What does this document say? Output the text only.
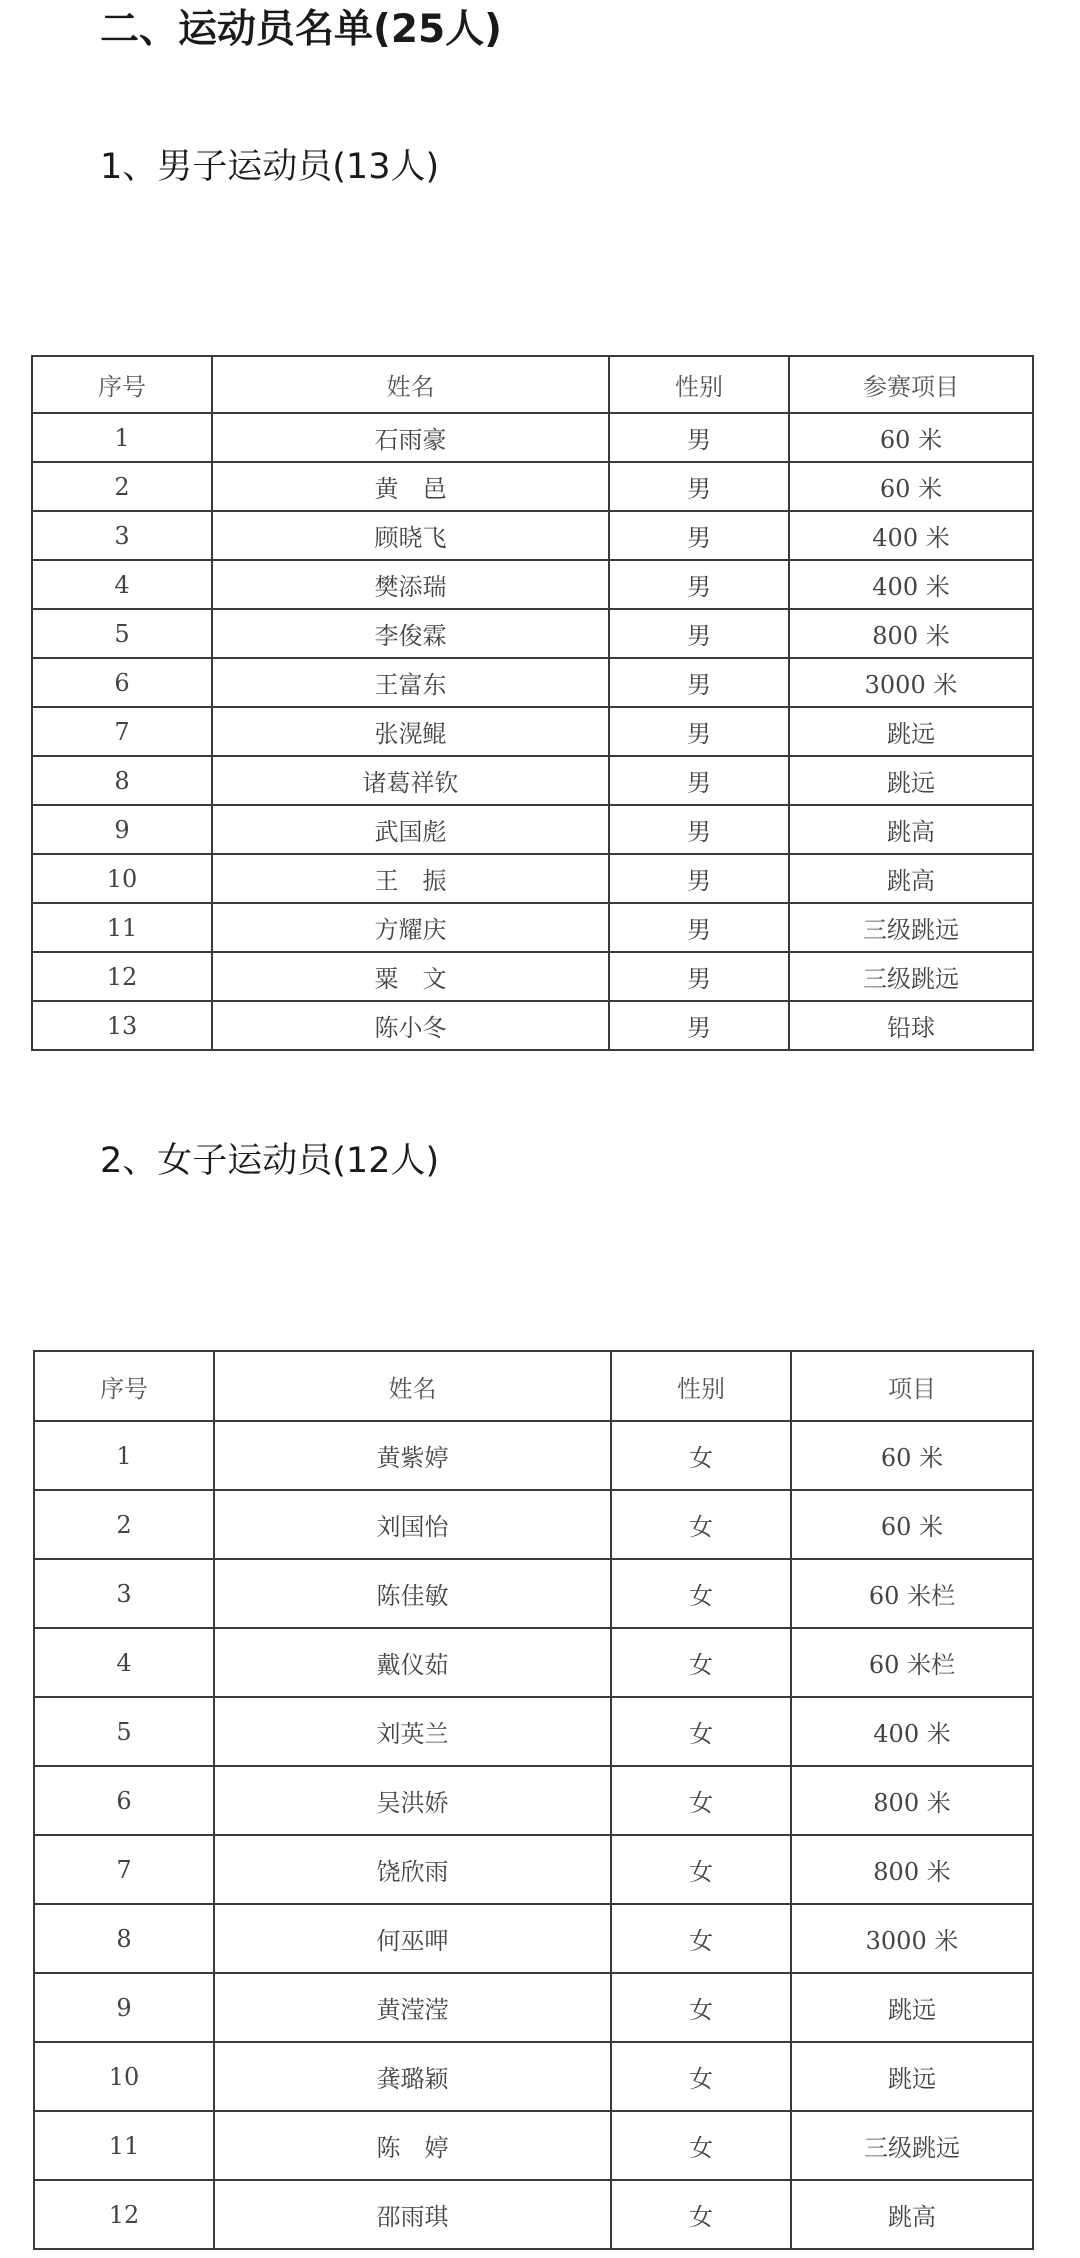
二、运动员名单(25人)
1、男子运动员(13人)
序号	姓名	性别	参赛项目
1	石雨豪	男	60 米
2	黄　邑	男	60 米
3	顾晓飞	男	400 米
4	樊添瑞	男	400 米
5	李俊霖	男	800 米
6	王富东	男	3000 米
7	张滉鲲	男	跳远
8	诸葛祥钦	男	跳远
9	武国彪	男	跳高
10	王　振	男	跳高
11	方耀庆	男	三级跳远
12	粟　文	男	三级跳远
13	陈小冬	男	铅球
2、女子运动员(12人)
序号	姓名	性别	项目
1	黄紫婷	女	60 米
2	刘国怡	女	60 米
3	陈佳敏	女	60 米栏
4	戴仪茹	女	60 米栏
5	刘英兰	女	400 米
6	吴洪娇	女	800 米
7	饶欣雨	女	800 米
8	何巫呷	女	3000 米
9	黄滢滢	女	跳远
10	龚璐颖	女	跳远
11	陈　婷	女	三级跳远
12	邵雨琪	女	跳高
